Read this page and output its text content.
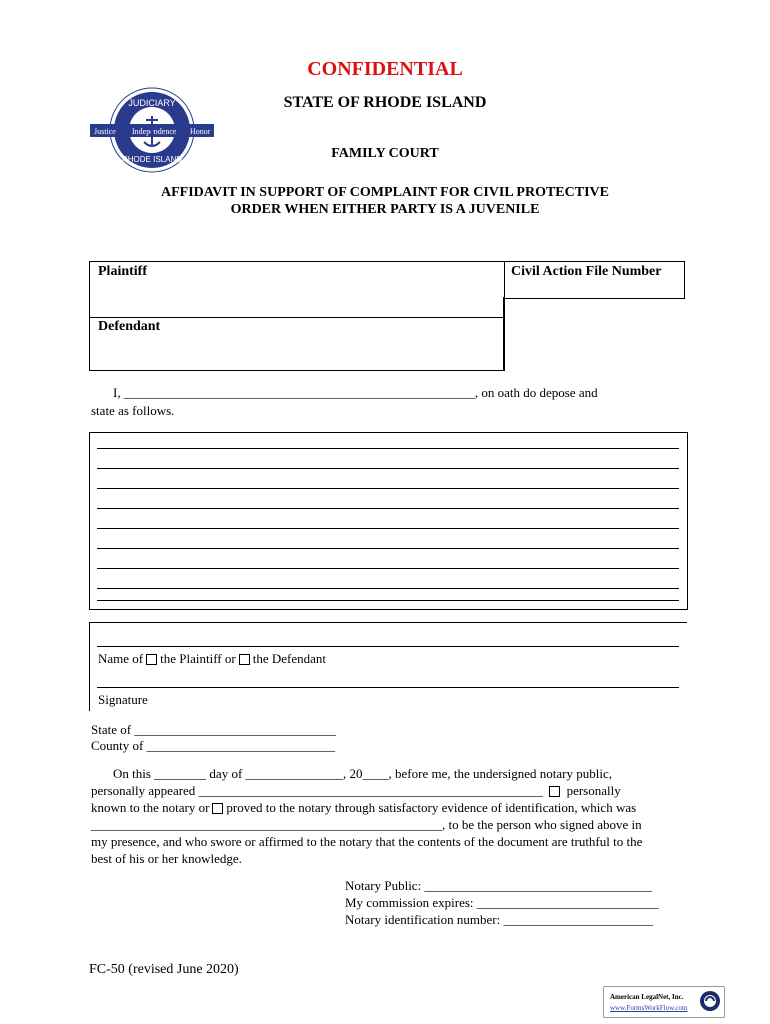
CONFIDENTIAL
JUDICIARY
RHODE ISLAND
Justice Independence Honor
STATE OF RHODE ISLAND
FAMILY COURT
AFFIDAVIT IN SUPPORT OF COMPLAINT FOR CIVIL PROTECTIVE
ORDER WHEN EITHER PARTY IS A JUVENILE
Plaintiff
Defendant
Civil Action File Number
I, ______________________________________________________, on oath do depose and
state as follows.
Name of the Plaintiff or the Defendant
Signature
State of _______________________________
County of _____________________________
On this ________ day of _______________, 20____, before me, the undersigned notary public,
personally appeared _____________________________________________________ personally
known to the notary or proved to the notary through satisfactory evidence of identification, which was
______________________________________________________, to be the person who signed above in
my presence, and who swore or affirmed to the notary that the contents of the document are truthful to the
best of his or her knowledge.
Notary Public: ___________________________________
My commission expires: ____________________________
Notary identification number: _______________________
FC-50 (revised June 2020)
American LegalNet, Inc.
www.FormsWorkFlow.com
